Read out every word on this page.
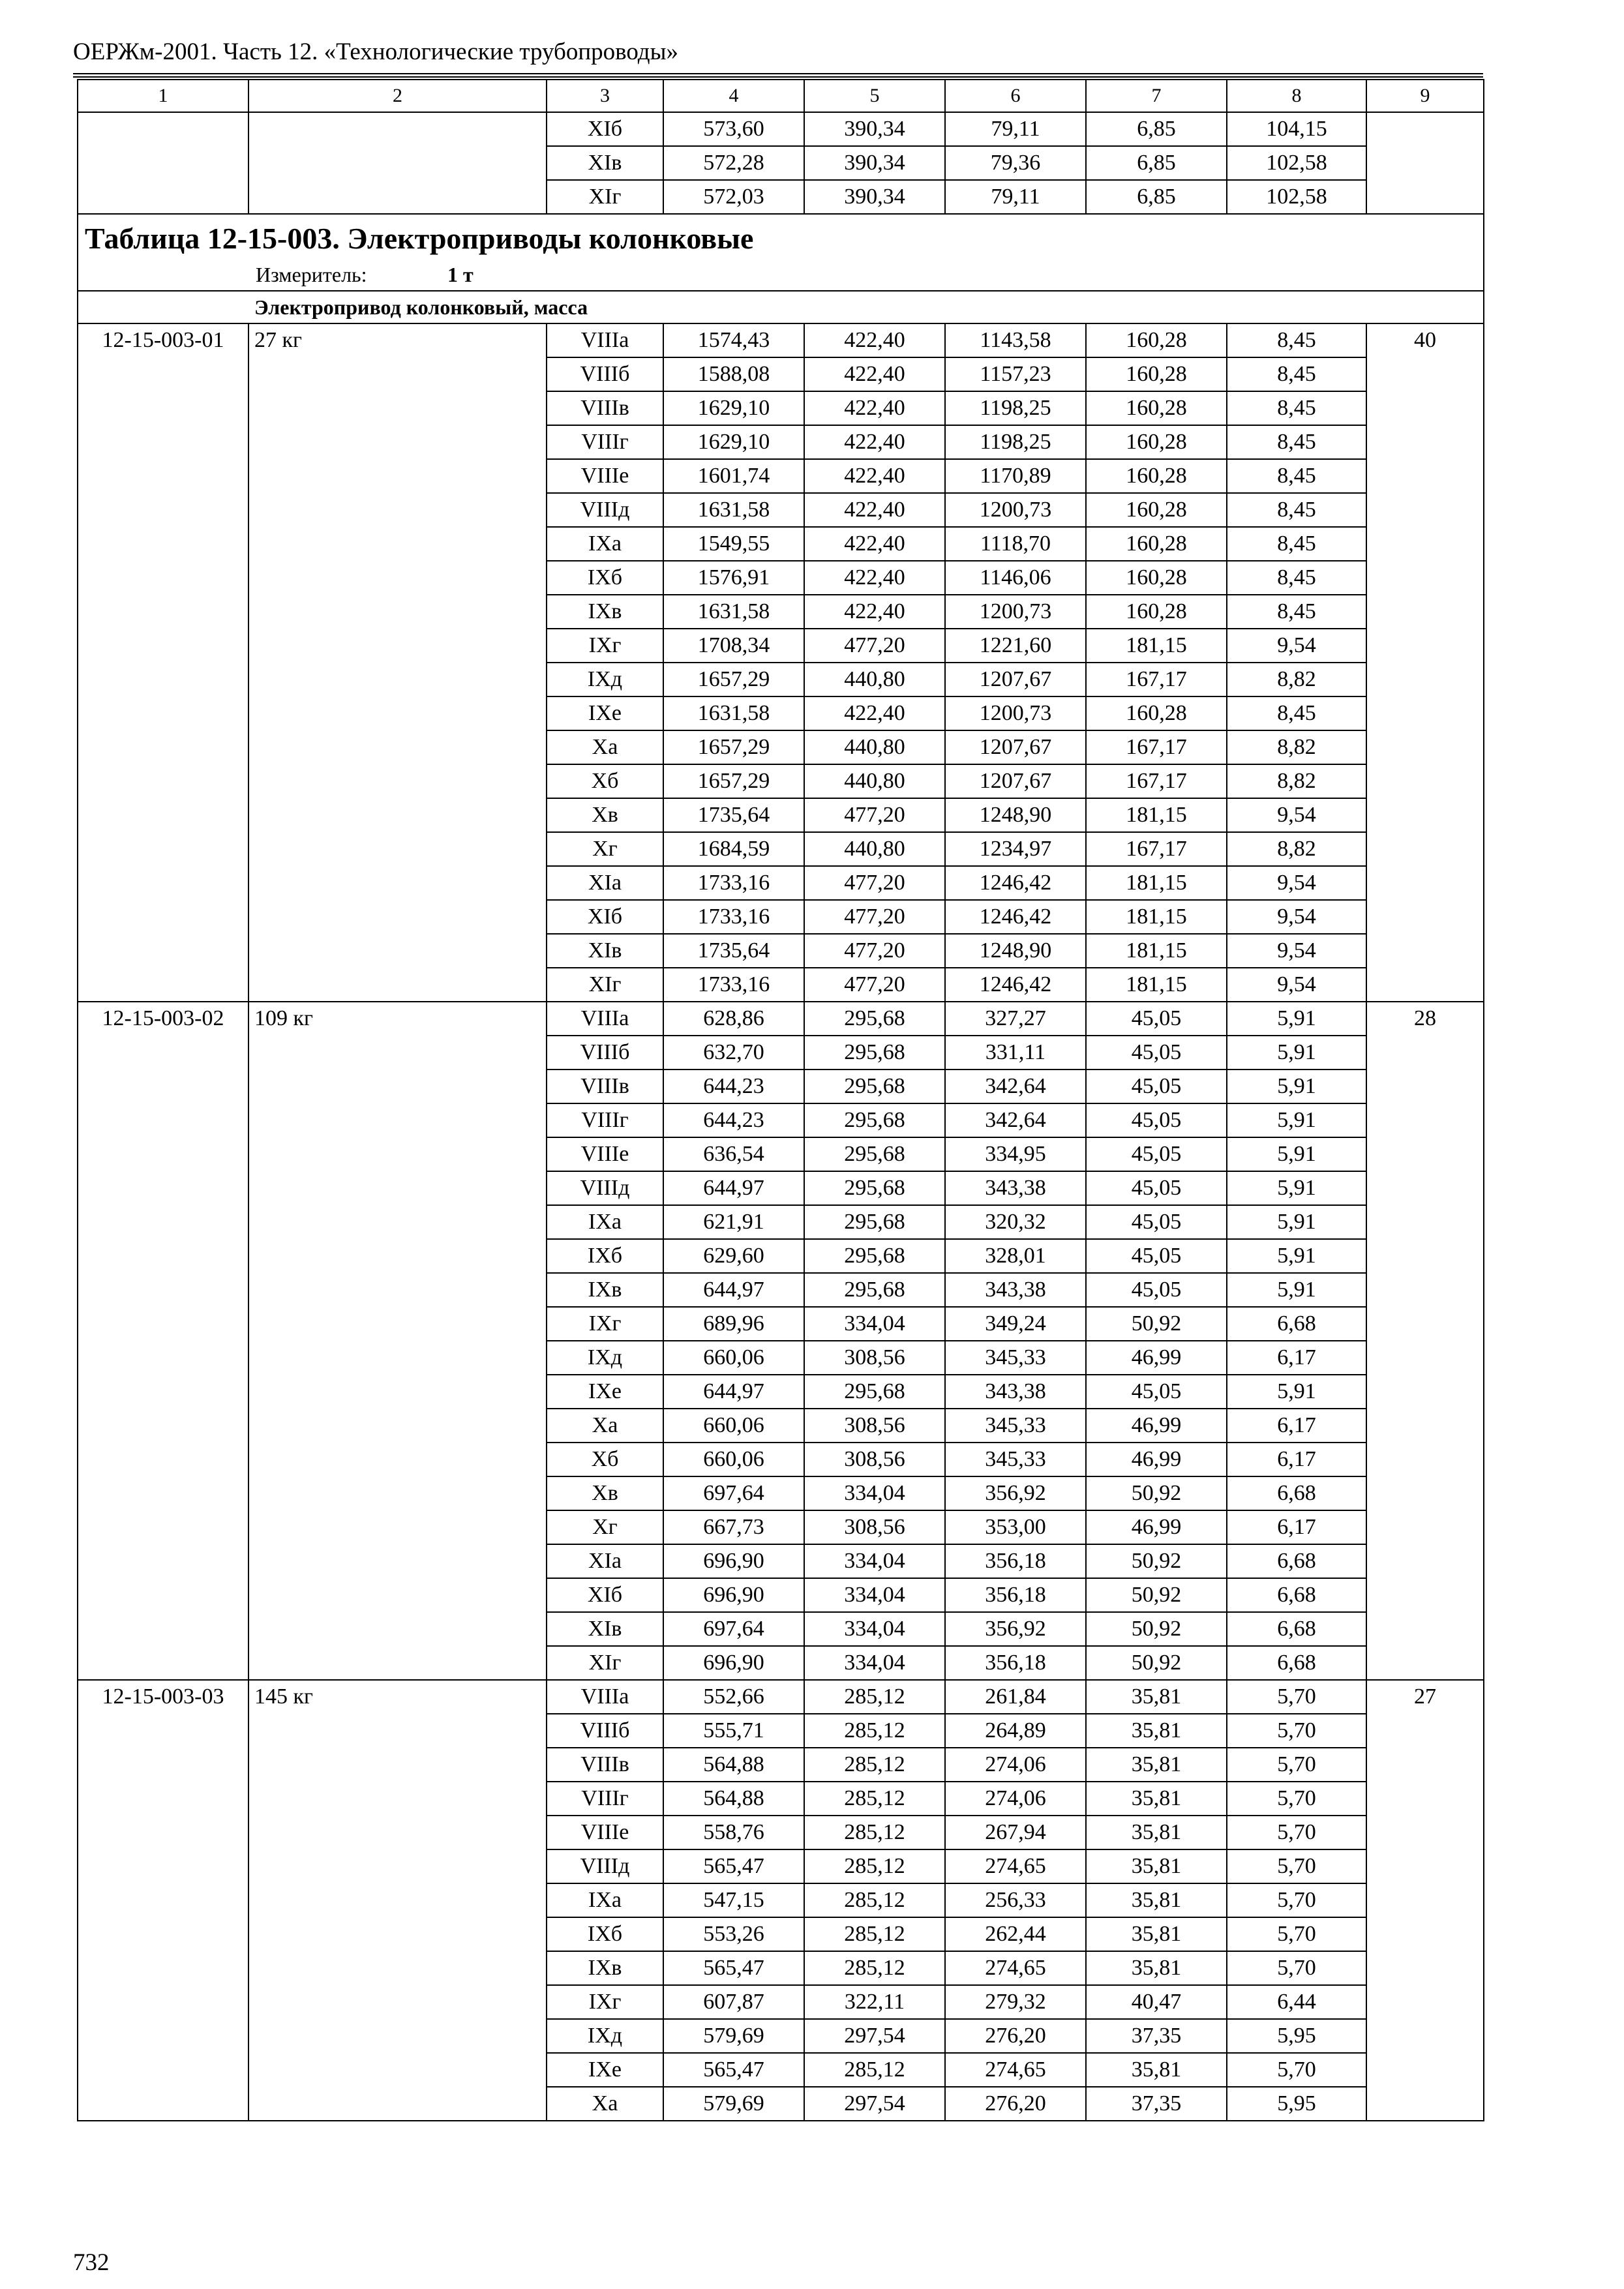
ОЕРЖм-2001. Часть 12. «Технологические трубопроводы»
1	2	3	4	5	6	7	8	9
		XIб	573,60	390,34	79,11	6,85	104,15	
		XIв	572,28	390,34	79,36	6,85	102,58	
		XIг	572,03	390,34	79,11	6,85	102,58	

Таблица 12-15-003. Электроприводы колонковые
Измеритель: 1 т								

Электропривод колонковый, масса								
12-15-003-01	27 кг	VIIIа	1574,43	422,40	1143,58	160,28	8,45	40
		VIIIб	1588,08	422,40	1157,23	160,28	8,45	
		VIIIв	1629,10	422,40	1198,25	160,28	8,45	
		VIIIг	1629,10	422,40	1198,25	160,28	8,45	
		VIIIе	1601,74	422,40	1170,89	160,28	8,45	
		VIIIд	1631,58	422,40	1200,73	160,28	8,45	
		IXа	1549,55	422,40	1118,70	160,28	8,45	
		IXб	1576,91	422,40	1146,06	160,28	8,45	
		IXв	1631,58	422,40	1200,73	160,28	8,45	
		IXг	1708,34	477,20	1221,60	181,15	9,54	
		IXд	1657,29	440,80	1207,67	167,17	8,82	
		IXе	1631,58	422,40	1200,73	160,28	8,45	
		Xа	1657,29	440,80	1207,67	167,17	8,82	
		Xб	1657,29	440,80	1207,67	167,17	8,82	
		Xв	1735,64	477,20	1248,90	181,15	9,54	
		Xг	1684,59	440,80	1234,97	167,17	8,82	
		XIа	1733,16	477,20	1246,42	181,15	9,54	
		XIб	1733,16	477,20	1246,42	181,15	9,54	
		XIв	1735,64	477,20	1248,90	181,15	9,54	
		XIг	1733,16	477,20	1246,42	181,15	9,54	
12-15-003-02	109 кг	VIIIа	628,86	295,68	327,27	45,05	5,91	28
		VIIIб	632,70	295,68	331,11	45,05	5,91	
		VIIIв	644,23	295,68	342,64	45,05	5,91	
		VIIIг	644,23	295,68	342,64	45,05	5,91	
		VIIIе	636,54	295,68	334,95	45,05	5,91	
		VIIIд	644,97	295,68	343,38	45,05	5,91	
		IXа	621,91	295,68	320,32	45,05	5,91	
		IXб	629,60	295,68	328,01	45,05	5,91	
		IXв	644,97	295,68	343,38	45,05	5,91	
		IXг	689,96	334,04	349,24	50,92	6,68	
		IXд	660,06	308,56	345,33	46,99	6,17	
		IXе	644,97	295,68	343,38	45,05	5,91	
		Xа	660,06	308,56	345,33	46,99	6,17	
		Xб	660,06	308,56	345,33	46,99	6,17	
		Xв	697,64	334,04	356,92	50,92	6,68	
		Xг	667,73	308,56	353,00	46,99	6,17	
		XIа	696,90	334,04	356,18	50,92	6,68	
		XIб	696,90	334,04	356,18	50,92	6,68	
		XIв	697,64	334,04	356,92	50,92	6,68	
		XIг	696,90	334,04	356,18	50,92	6,68	
12-15-003-03	145 кг	VIIIа	552,66	285,12	261,84	35,81	5,70	27
		VIIIб	555,71	285,12	264,89	35,81	5,70	
		VIIIв	564,88	285,12	274,06	35,81	5,70	
		VIIIг	564,88	285,12	274,06	35,81	5,70	
		VIIIе	558,76	285,12	267,94	35,81	5,70	
		VIIIд	565,47	285,12	274,65	35,81	5,70	
		IXа	547,15	285,12	256,33	35,81	5,70	
		IXб	553,26	285,12	262,44	35,81	5,70	
		IXв	565,47	285,12	274,65	35,81	5,70	
		IXг	607,87	322,11	279,32	40,47	6,44	
		IXд	579,69	297,54	276,20	37,35	5,95	
		IXе	565,47	285,12	274,65	35,81	5,70	
		Xа	579,69	297,54	276,20	37,35	5,95	
732
